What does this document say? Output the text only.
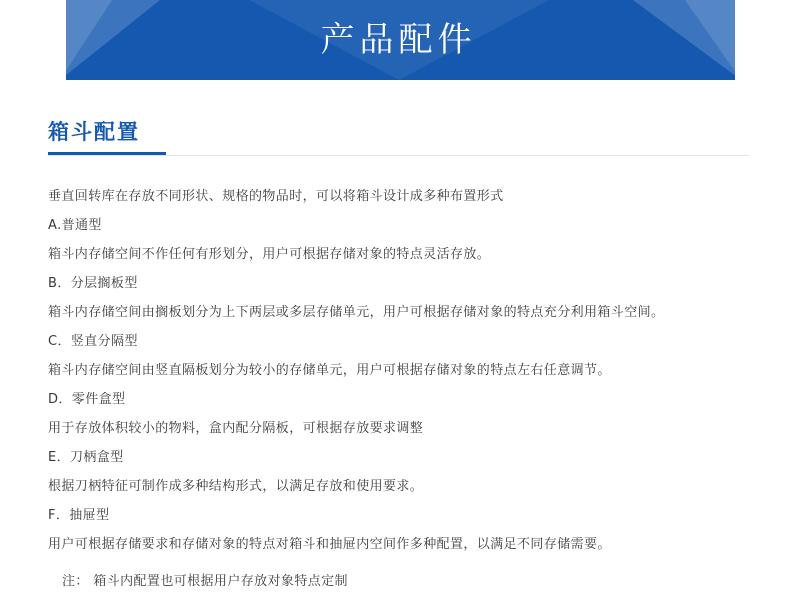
产品配件
箱斗配置
垂直回转库在存放不同形状、规格的物品时，可以将箱斗设计成多种布置形式
A.普通型
箱斗内存储空间不作任何有形划分，用户可根据存储对象的特点灵活存放。
B．分层搁板型
箱斗内存储空间由搁板划分为上下两层或多层存储单元，用户可根据存储对象的特点充分利用箱斗空间。
C．竖直分隔型
箱斗内存储空间由竖直隔板划分为较小的存储单元，用户可根据存储对象的特点左右任意调节。
D．零件盒型
用于存放体积较小的物料，盒内配分隔板，可根据存放要求调整
E．刀柄盒型
根据刀柄特征可制作成多种结构形式，以满足存放和使用要求。
F．抽屉型
用户可根据存储要求和存储对象的特点对箱斗和抽屉内空间作多种配置，以满足不同存储需要。
注： 箱斗内配置也可根据用户存放对象特点定制
